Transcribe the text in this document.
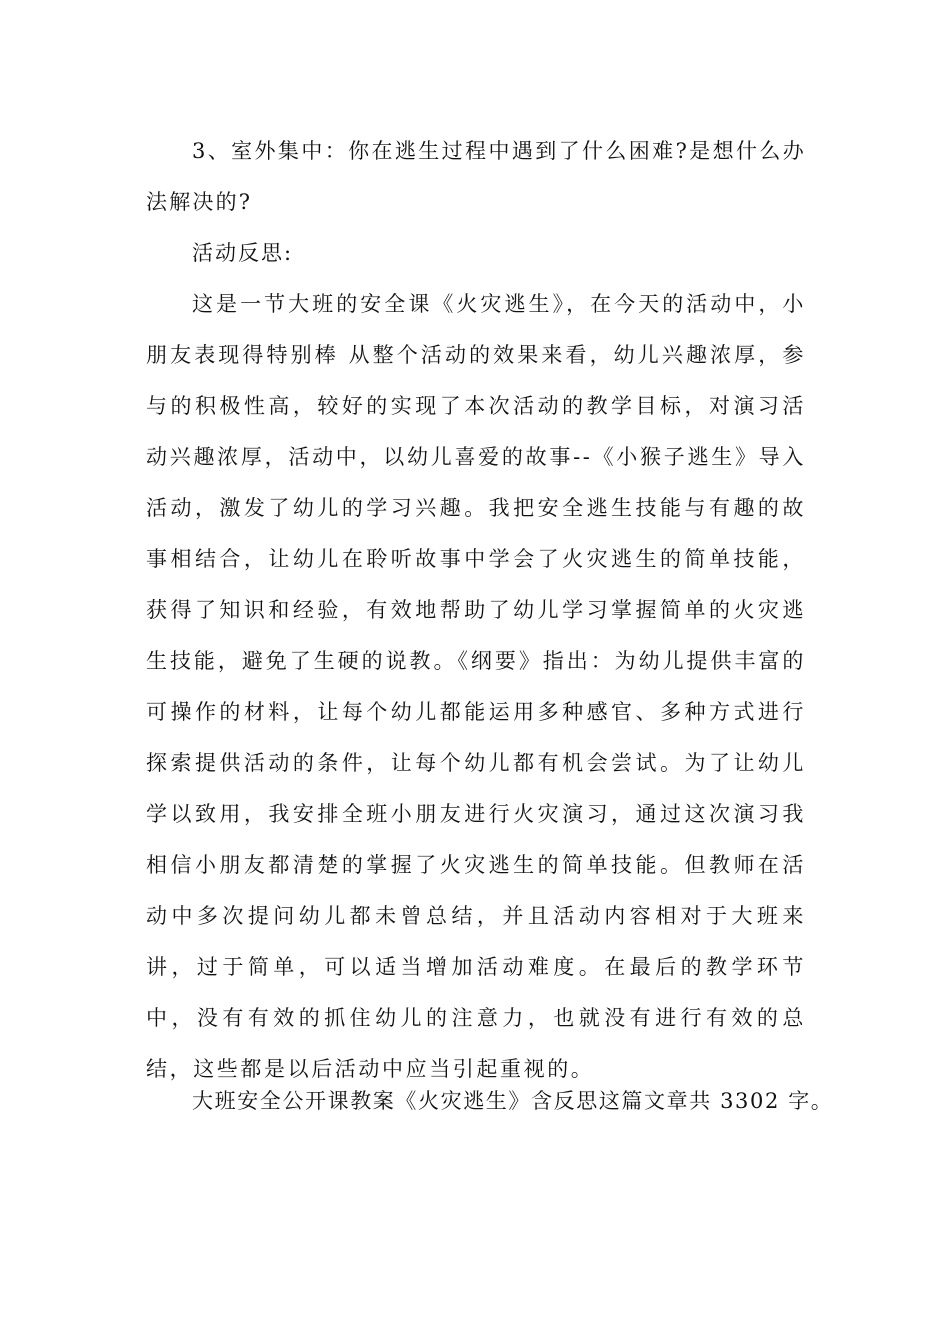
3、室外集中：你在逃生过程中遇到了什么困难?是想什么办法解决的?

活动反思:

这是一节大班的安全课《火灾逃生》，在今天的活动中，小朋友表现得特别棒 从整个活动的效果来看，幼儿兴趣浓厚，参与的积极性高，较好的实现了本次活动的教学目标，对演习活动兴趣浓厚，活动中，以幼儿喜爱的故事--《小猴子逃生》导入活动，激发了幼儿的学习兴趣。我把安全逃生技能与有趣的故事相结合，让幼儿在聆听故事中学会了火灾逃生的简单技能，获得了知识和经验，有效地帮助了幼儿学习掌握简单的火灾逃生技能，避免了生硬的说教。《纲要》指出：为幼儿提供丰富的可操作的材料，让每个幼儿都能运用多种感官、多种方式进行探索提供活动的条件，让每个幼儿都有机会尝试。为了让幼儿学以致用，我安排全班小朋友进行火灾演习，通过这次演习我相信小朋友都清楚的掌握了火灾逃生的简单技能。但教师在活动中多次提问幼儿都未曾总结，并且活动内容相对于大班来讲，过于简单，可以适当增加活动难度。在最后的教学环节中，没有有效的抓住幼儿的注意力，也就没有进行有效的总结，这些都是以后活动中应当引起重视的。

大班安全公开课教案《火灾逃生》含反思这篇文章共 3302 字。
